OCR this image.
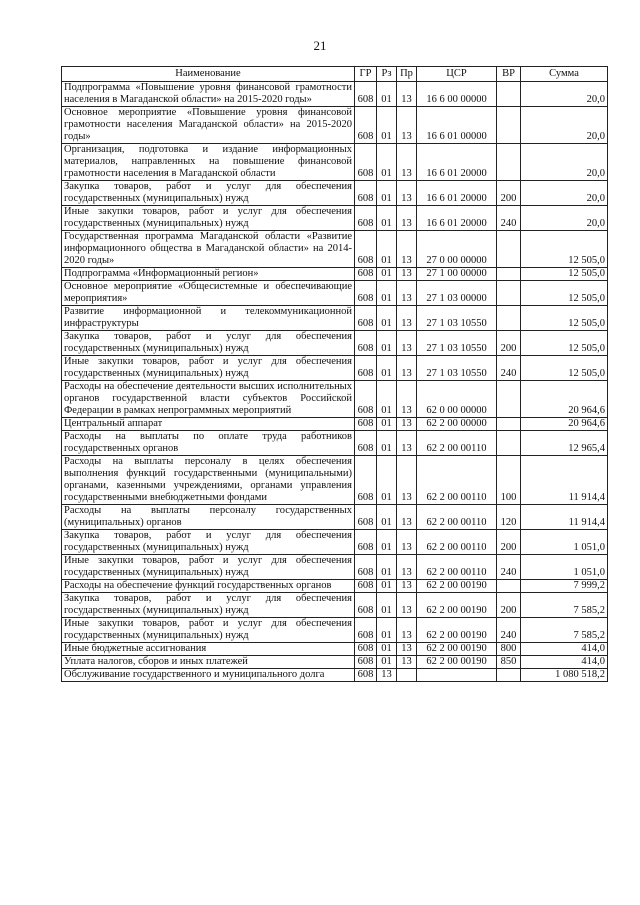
21
Наименование	ГР	Рз	Пр	ЦСР	ВР	Сумма
Подпрограмма «Повышение уровня финансовой грамотности населения в Магаданской области» на 2015-2020 годы»	608	01	13	16 6 00 00000		20,0
Основное мероприятие «Повышение уровня финансовой грамотности населения Магаданской области» на 2015-2020 годы»	608	01	13	16 6 01 00000		20,0
Организация, подготовка и издание информационных материалов, направленных на повышение финансовой грамотности населения в Магаданской области	608	01	13	16 6 01 20000		20,0
Закупка товаров, работ и услуг для обеспечения государственных (муниципальных) нужд	608	01	13	16 6 01 20000	200	20,0
Иные закупки товаров, работ и услуг для обеспечения государственных (муниципальных) нужд	608	01	13	16 6 01 20000	240	20,0
Государственная программа Магаданской области «Развитие информационного общества в Магаданской области» на 2014-2020 годы»	608	01	13	27 0 00 00000		12 505,0
Подпрограмма «Информационный регион»	608	01	13	27 1 00 00000		12 505,0
Основное мероприятие «Общесистемные и обеспечивающие мероприятия»	608	01	13	27 1 03 00000		12 505,0
Развитие информационной и телекоммуникационной инфраструктуры	608	01	13	27 1 03 10550		12 505,0
Закупка товаров, работ и услуг для обеспечения государственных (муниципальных) нужд	608	01	13	27 1 03 10550	200	12 505,0
Иные закупки товаров, работ и услуг для обеспечения государственных (муниципальных) нужд	608	01	13	27 1 03 10550	240	12 505,0
Расходы на обеспечение деятельности высших исполнительных органов государственной власти субъектов Российской Федерации в рамках непрограммных мероприятий	608	01	13	62 0 00 00000		20 964,6
Центральный аппарат	608	01	13	62 2 00 00000		20 964,6
Расходы на выплаты по оплате труда работников государственных органов	608	01	13	62 2 00 00110		12 965,4
Расходы на выплаты персоналу в целях обеспечения выполнения функций государственными (муниципальными) органами, казенными учреждениями, органами управления государственными внебюджетными фондами	608	01	13	62 2 00 00110	100	11 914,4
Расходы на выплаты персоналу государственных (муниципальных) органов	608	01	13	62 2 00 00110	120	11 914,4
Закупка товаров, работ и услуг для обеспечения государственных (муниципальных) нужд	608	01	13	62 2 00 00110	200	1 051,0
Иные закупки товаров, работ и услуг для обеспечения государственных (муниципальных) нужд	608	01	13	62 2 00 00110	240	1 051,0
Расходы на обеспечение функций государственных органов	608	01	13	62 2 00 00190		7 999,2
Закупка товаров, работ и услуг для обеспечения государственных (муниципальных) нужд	608	01	13	62 2 00 00190	200	7 585,2
Иные закупки товаров, работ и услуг для обеспечения государственных (муниципальных) нужд	608	01	13	62 2 00 00190	240	7 585,2
Иные бюджетные ассигнования	608	01	13	62 2 00 00190	800	414,0
Уплата налогов, сборов и иных платежей	608	01	13	62 2 00 00190	850	414,0
Обслуживание государственного и муниципального долга	608	13				1 080 518,2
